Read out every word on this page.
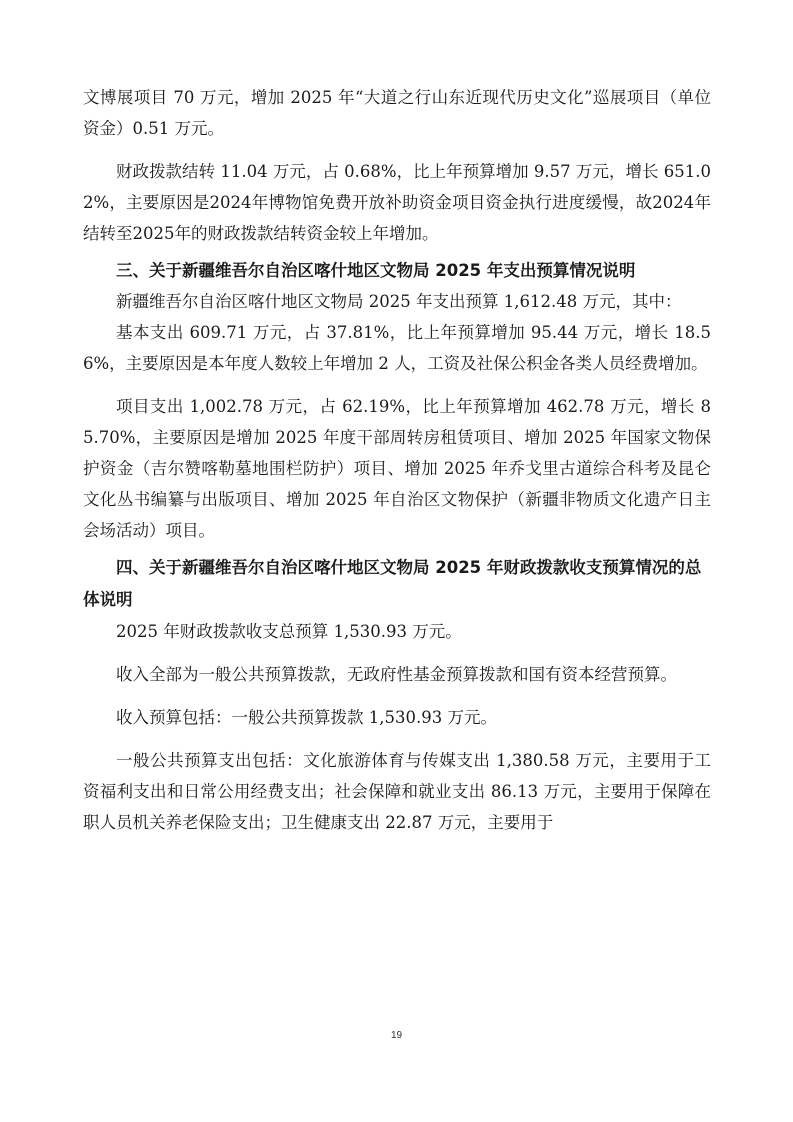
文博展项目 70 万元，增加 2025 年“大道之行山东近现代历史文化”巡展项目（单位资金）0.51 万元。

财政拨款结转 11.04 万元，占 0.68%，比上年预算增加 9.57 万元，增长 651.02%，主要原因是2024年博物馆免费开放补助资金项目资金执行进度缓慢，故2024年结转至2025年的财政拨款结转资金较上年增加。

三、关于新疆维吾尔自治区喀什地区文物局 2025 年支出预算情况说明

新疆维吾尔自治区喀什地区文物局 2025 年支出预算 1,612.48 万元，其中：

基本支出 609.71 万元，占 37.81%，比上年预算增加 95.44 万元，增长 18.56%，主要原因是本年度人数较上年增加 2 人，工资及社保公积金各类人员经费增加。

项目支出 1,002.78 万元，占 62.19%，比上年预算增加 462.78 万元，增长 85.70%，主要原因是增加 2025 年度干部周转房租赁项目、增加 2025 年国家文物保护资金（吉尔赞喀勒墓地围栏防护）项目、增加 2025 年乔戈里古道综合科考及昆仑文化丛书编纂与出版项目、增加 2025 年自治区文物保护（新疆非物质文化遗产日主会场活动）项目。

四、关于新疆维吾尔自治区喀什地区文物局 2025 年财政拨款收支预算情况的总体说明

2025 年财政拨款收支总预算 1,530.93 万元。

收入全部为一般公共预算拨款，无政府性基金预算拨款和国有资本经营预算。

收入预算包括：一般公共预算拨款 1,530.93 万元。

一般公共预算支出包括：文化旅游体育与传媒支出 1,380.58 万元，主要用于工资福利支出和日常公用经费支出；社会保障和就业支出 86.13 万元，主要用于保障在职人员机关养老保险支出；卫生健康支出 22.87 万元，主要用于

19
